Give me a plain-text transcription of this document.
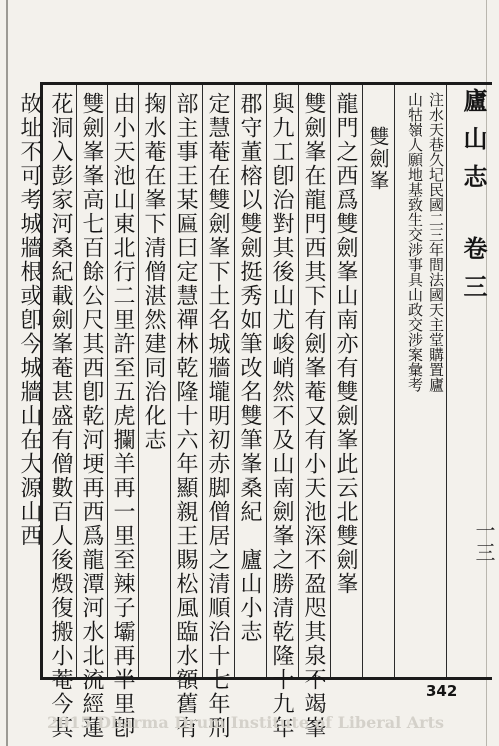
廬山志卷三
注水天巷久圮民國二三年間法國天主堂購置廬
山牯嶺人願地基致生交涉事具山政交涉案彙考
雙劍峯
龍門之西爲雙劍峯山南亦有雙劍峯此云北雙劍峯
雙劍峯在龍門西其下有劍峯菴又有小天池深不盈咫其泉不竭峯
與九工卽治對其後山尤峻峭然不及山南劍峯之勝清乾隆十九年
郡守董榕以雙劍挺秀如筆改名雙筆峯桑紀　廬山小志
定慧菴在雙劍峯下土名城牆壠明初赤脚僧居之清順治十七年刑
部主事王某匾曰定慧禪林乾隆十六年顯親王賜松風臨水額舊有
掬水菴在峯下清僧湛然建同治化志
由小天池山東北行二里許至五虎攔羊再一里至辣子壩再半里卽
雙劍峯峯高七百餘公尺其西卽乾河埂再西爲龍潭河水北流經蓮
花洞入彭家河桑紀載劍峯菴甚盛有僧數百人後燬復搬小菴今其
故址不可考城牆根或卽今城牆山在大源山西	一三
342
2015 Dharma Drum Institute of Liberal Arts
